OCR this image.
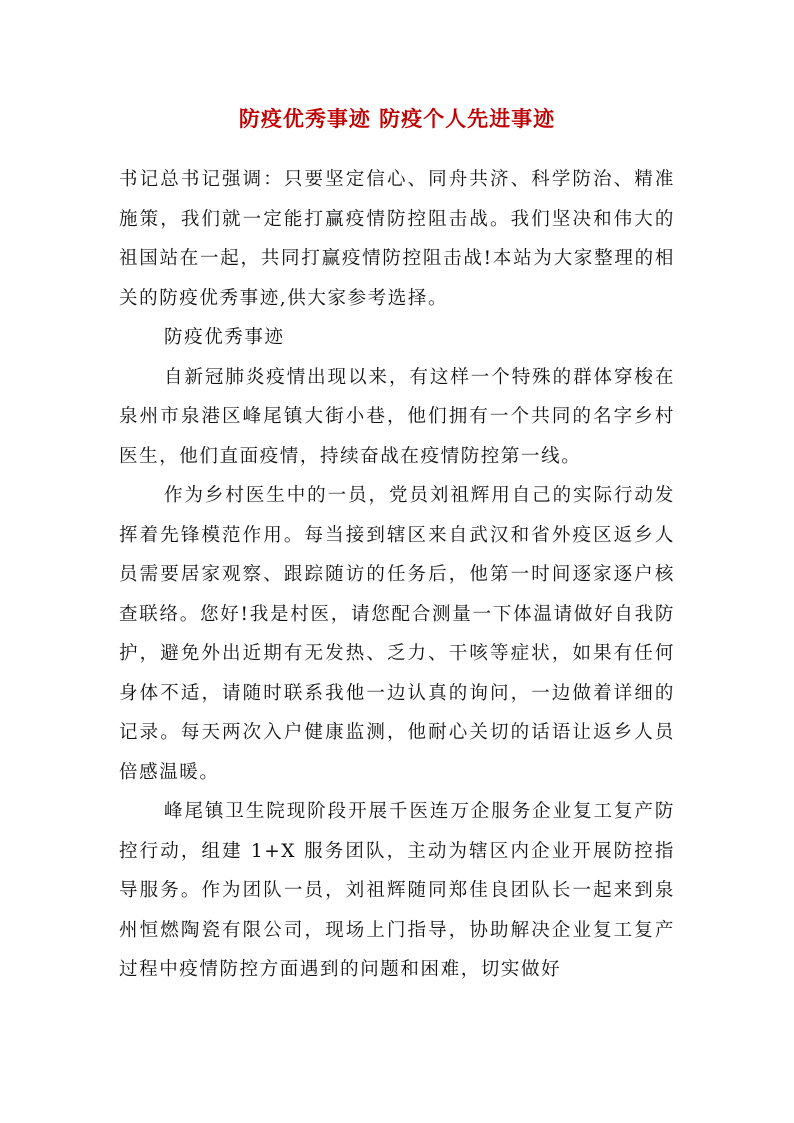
防疫优秀事迹 防疫个人先进事迹

书记总书记强调：只要坚定信心、同舟共济、科学防治、精准施策，我们就一定能打赢疫情防控阻击战。我们坚决和伟大的祖国站在一起，共同打赢疫情防控阻击战!本站为大家整理的相关的防疫优秀事迹,供大家参考选择。

防疫优秀事迹

自新冠肺炎疫情出现以来，有这样一个特殊的群体穿梭在泉州市泉港区峰尾镇大街小巷，他们拥有一个共同的名字乡村医生，他们直面疫情，持续奋战在疫情防控第一线。

作为乡村医生中的一员，党员刘祖辉用自己的实际行动发挥着先锋模范作用。每当接到辖区来自武汉和省外疫区返乡人员需要居家观察、跟踪随访的任务后，他第一时间逐家逐户核查联络。您好!我是村医，请您配合测量一下体温请做好自我防护，避免外出近期有无发热、乏力、干咳等症状，如果有任何身体不适，请随时联系我他一边认真的询问，一边做着详细的记录。每天两次入户健康监测，他耐心关切的话语让返乡人员倍感温暖。

峰尾镇卫生院现阶段开展千医连万企服务企业复工复产防控行动，组建 1+X 服务团队，主动为辖区内企业开展防控指导服务。作为团队一员，刘祖辉随同郑佳良团队长一起来到泉州恒燃陶瓷有限公司，现场上门指导，协助解决企业复工复产过程中疫情防控方面遇到的问题和困难，切实做好
